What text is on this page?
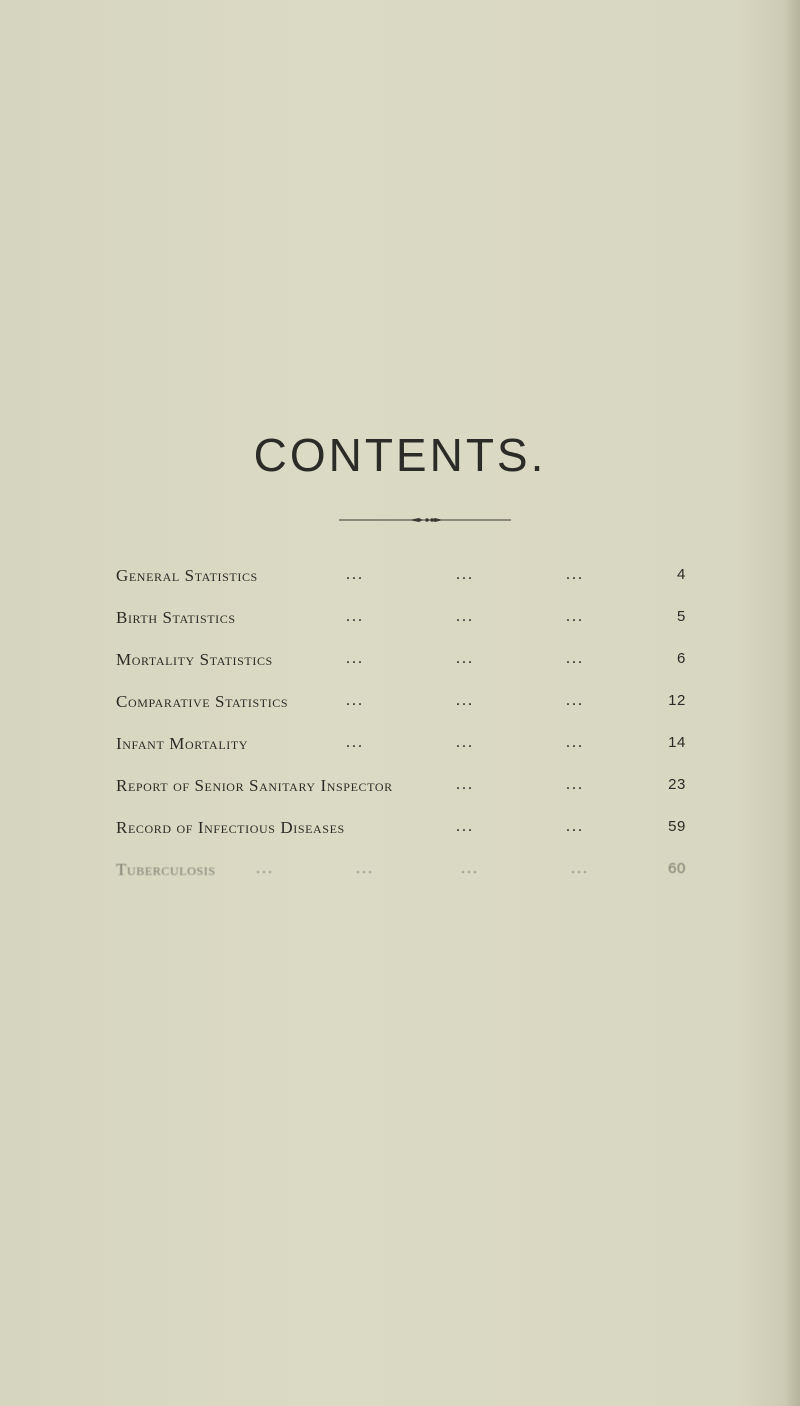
CONTENTS.
General Statistics	...	...	...	4
Birth Statistics	...	...	...	5
Mortality Statistics	...	...	...	6
Comparative Statistics	...	...	...	12
Infant Mortality	...	...	...	14
Report of Senior Sanitary Inspector	...	...	23
Record of Infectious Diseases	...	...	59
Tuberculosis	...	...	...	...	60
